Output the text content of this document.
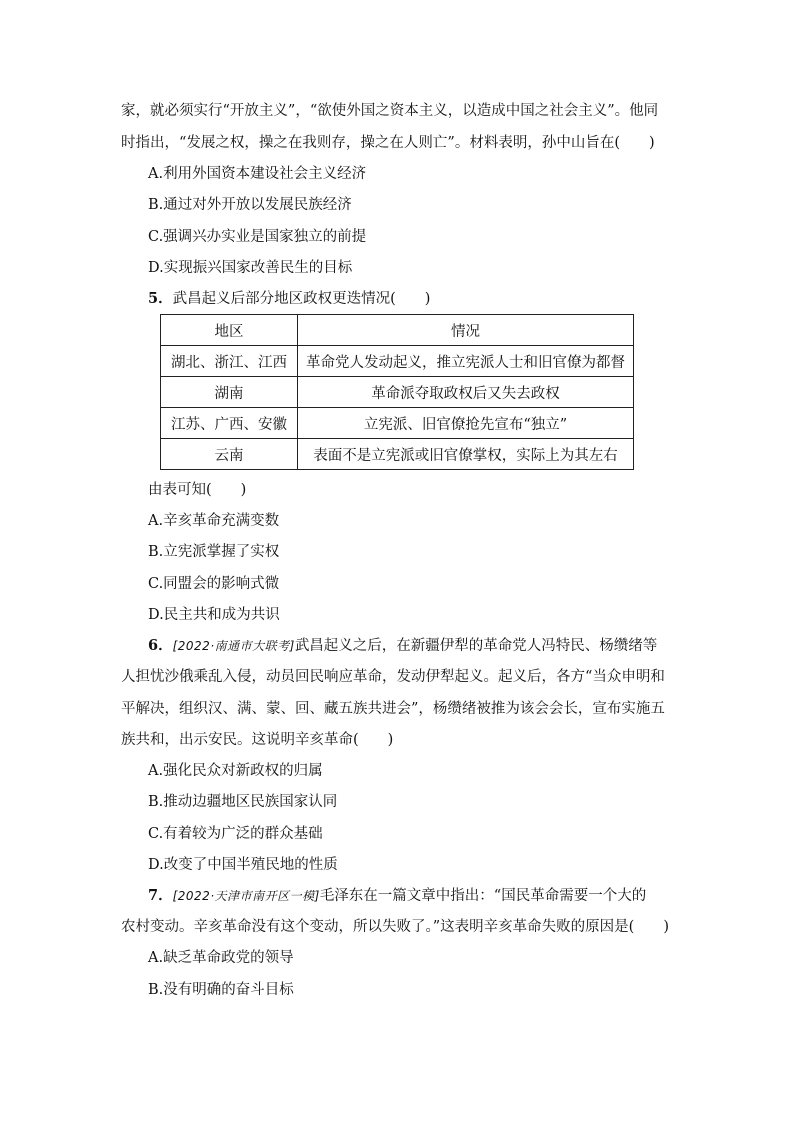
家，就必须实行“开放主义”，“欲使外国之资本主义，以造成中国之社会主义”。他同
时指出，“发展之权，操之在我则存，操之在人则亡”。材料表明，孙中山旨在(　　)
A.利用外国资本建设社会主义经济
B.通过对外开放以发展民族经济
C.强调兴办实业是国家独立的前提
D.实现振兴国家改善民生的目标
5．武昌起义后部分地区政权更迭情况(　　)
地区	情况
湖北、浙江、江西	革命党人发动起义，推立宪派人士和旧官僚为都督
湖南	革命派夺取政权后又失去政权
江苏、广西、安徽	立宪派、旧官僚抢先宣布“独立”
云南	表面不是立宪派或旧官僚掌权，实际上为其左右
由表可知(　　)
A.辛亥革命充满变数
B.立宪派掌握了实权
C.同盟会的影响式微
D.民主共和成为共识
6．[2022·南通市大联考]武昌起义之后，在新疆伊犁的革命党人冯特民、杨缵绪等
人担忧沙俄乘乱入侵，动员回民响应革命，发动伊犁起义。起义后，各方“当众申明和
平解决，组织汉、满、蒙、回、藏五族共进会”，杨缵绪被推为该会会长，宣布实施五
族共和，出示安民。这说明辛亥革命(　　)
A.强化民众对新政权的归属
B.推动边疆地区民族国家认同
C.有着较为广泛的群众基础
D.改变了中国半殖民地的性质
7．[2022·天津市南开区一模]毛泽东在一篇文章中指出：“国民革命需要一个大的
农村变动。辛亥革命没有这个变动，所以失败了。”这表明辛亥革命失败的原因是(　　)
A.缺乏革命政党的领导
B.没有明确的奋斗目标
